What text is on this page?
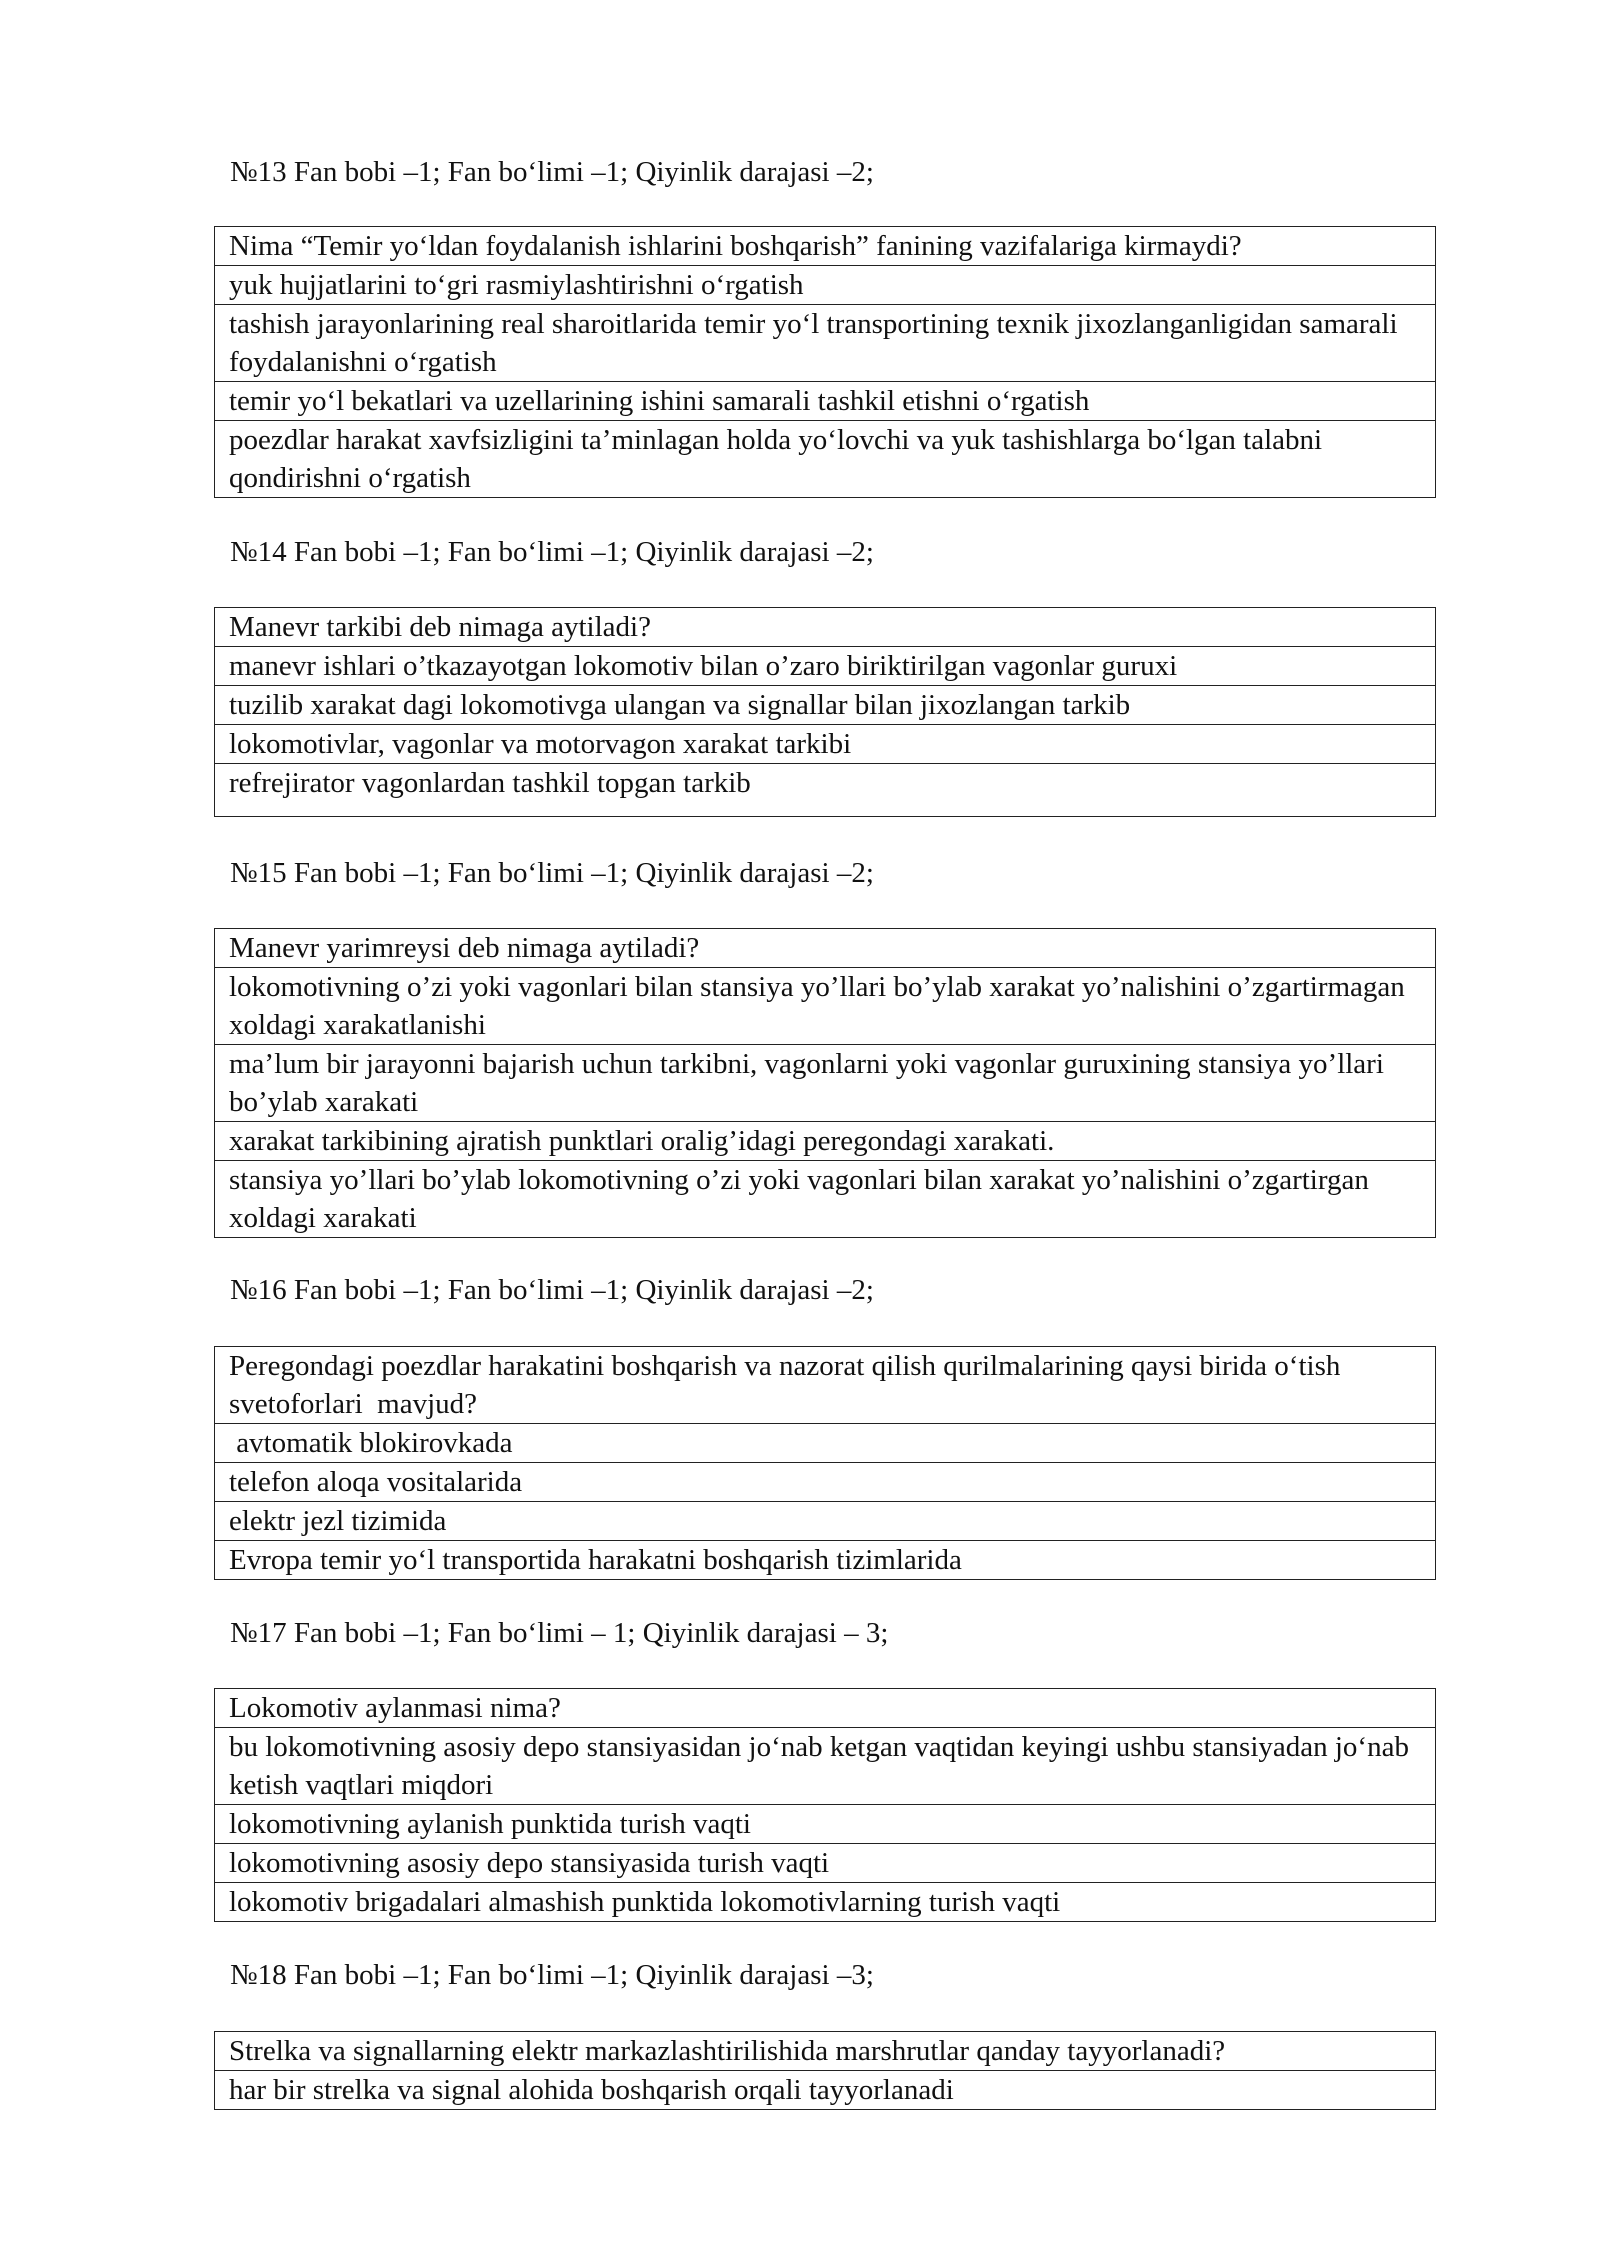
№13 Fan bobi –1; Fan bo‘limi –1; Qiyinlik darajasi –2;
Nima “Temir yo‘ldan foydalanish ishlarini boshqarish” fanining vazifalariga kirmaydi?
yuk hujjatlarini to‘gri rasmiylashtirishni o‘rgatish
tashish jarayonlarining real sharoitlarida temir yo‘l transportining texnik jixozlanganligidan samarali foydalanishni o‘rgatish
temir yo‘l bekatlari va uzellarining ishini samarali tashkil etishni o‘rgatish
poezdlar harakat xavfsizligini ta’minlagan holda yo‘lovchi va yuk tashishlarga bo‘lgan talabni qondirishni o‘rgatish
№14 Fan bobi –1; Fan bo‘limi –1; Qiyinlik darajasi –2;
Manevr tarkibi deb nimaga aytiladi?
manevr ishlari o’tkazayotgan lokomotiv bilan o’zaro biriktirilgan vagonlar guruxi
tuzilib xarakat dagi lokomotivga ulangan va signallar bilan jixozlangan tarkib
lokomotivlar, vagonlar va motorvagon xarakat tarkibi
refrejirator vagonlardan tashkil topgan tarkib
№15 Fan bobi –1; Fan bo‘limi –1; Qiyinlik darajasi –2;
Manevr yarimreysi deb nimaga aytiladi?
lokomotivning o’zi yoki vagonlari bilan stansiya yo’llari bo’ylab xarakat yo’nalishini o’zgartirmagan xoldagi xarakatlanishi
ma’lum bir jarayonni bajarish uchun tarkibni, vagonlarni yoki vagonlar guruxining stansiya yo’llari bo’ylab xarakati
xarakat tarkibining ajratish punktlari oralig’idagi peregondagi xarakati.
stansiya yo’llari bo’ylab lokomotivning o’zi yoki vagonlari bilan xarakat yo’nalishini o’zgartirgan xoldagi xarakati
№16 Fan bobi –1; Fan bo‘limi –1; Qiyinlik darajasi –2;
Peregondagi poezdlar harakatini boshqarish va nazorat qilish qurilmalarining qaysi birida o‘tish svetoforlari  mavjud?
avtomatik blokirovkada
telefon aloqa vositalarida
elektr jezl tizimida
Evropa temir yo‘l transportida harakatni boshqarish tizimlarida
№17 Fan bobi –1; Fan bo‘limi – 1; Qiyinlik darajasi – 3;
Lokomotiv aylanmasi nima?
bu lokomotivning asosiy depo stansiyasidan jo‘nab ketgan vaqtidan keyingi ushbu stansiyadan jo‘nab ketish vaqtlari miqdori
lokomotivning aylanish punktida turish vaqti
lokomotivning asosiy depo stansiyasida turish vaqti
lokomotiv brigadalari almashish punktida lokomotivlarning turish vaqti
№18 Fan bobi –1; Fan bo‘limi –1; Qiyinlik darajasi –3;
Strelka va signallarning elektr markazlashtirilishida marshrutlar qanday tayyorlanadi?
har bir strelka va signal alohida boshqarish orqali tayyorlanadi
